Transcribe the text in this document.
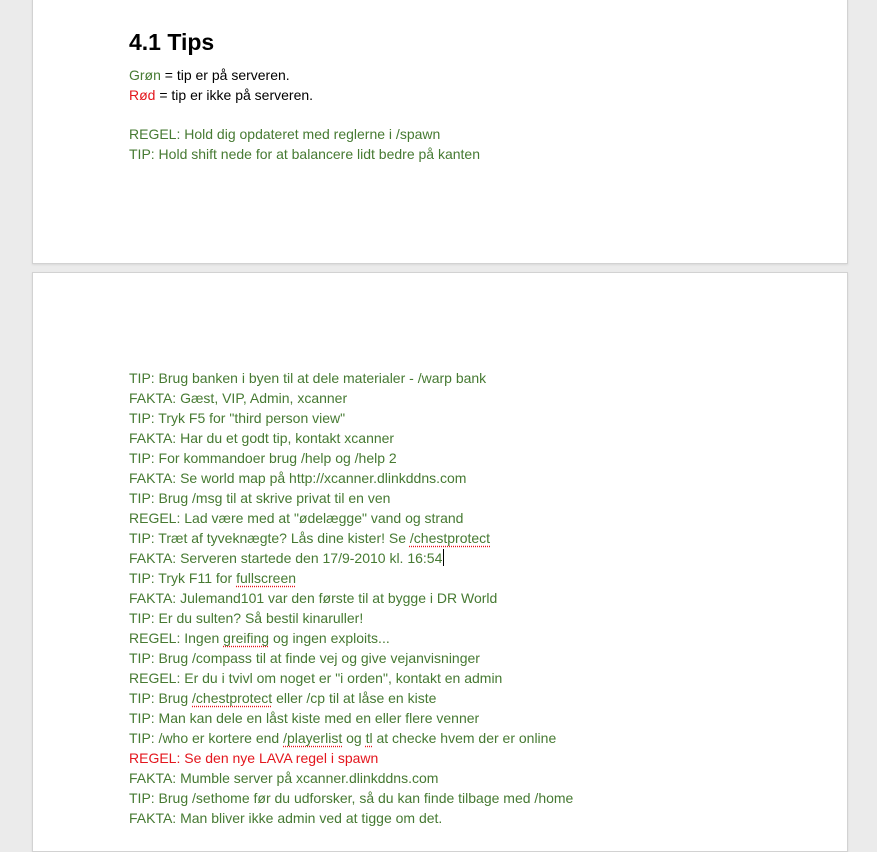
4.1 Tips
Grøn = tip er på serveren.
Rød = tip er ikke på serveren.
REGEL: Hold dig opdateret med reglerne i /spawn
TIP: Hold shift nede for at balancere lidt bedre på kanten
TIP: Brug banken i byen til at dele materialer - /warp bank
FAKTA: Gæst, VIP, Admin, xcanner
TIP: Tryk F5 for "third person view"
FAKTA: Har du et godt tip, kontakt xcanner
TIP: For kommandoer brug /help og /help 2
FAKTA: Se world map på http://xcanner.dlinkddns.com
TIP: Brug /msg til at skrive privat til en ven
REGEL: Lad være med at "ødelægge" vand og strand
TIP: Træt af tyveknægte? Lås dine kister! Se /chestprotect
FAKTA: Serveren startede den 17/9-2010 kl. 16:54
TIP: Tryk F11 for fullscreen
FAKTA: Julemand101 var den første til at bygge i DR World
TIP: Er du sulten? Så bestil kinaruller!
REGEL: Ingen greifing og ingen exploits...
TIP: Brug /compass til at finde vej og give vejanvisninger
REGEL: Er du i tvivl om noget er "i orden", kontakt en admin
TIP: Brug /chestprotect eller /cp til at låse en kiste
TIP: Man kan dele en låst kiste med en eller flere venner
TIP: /who er kortere end /playerlist og tl at checke hvem der er online
REGEL: Se den nye LAVA regel i spawn
FAKTA: Mumble server på xcanner.dlinkddns.com
TIP: Brug /sethome før du udforsker, så du kan finde tilbage med /home
FAKTA: Man bliver ikke admin ved at tigge om det.
